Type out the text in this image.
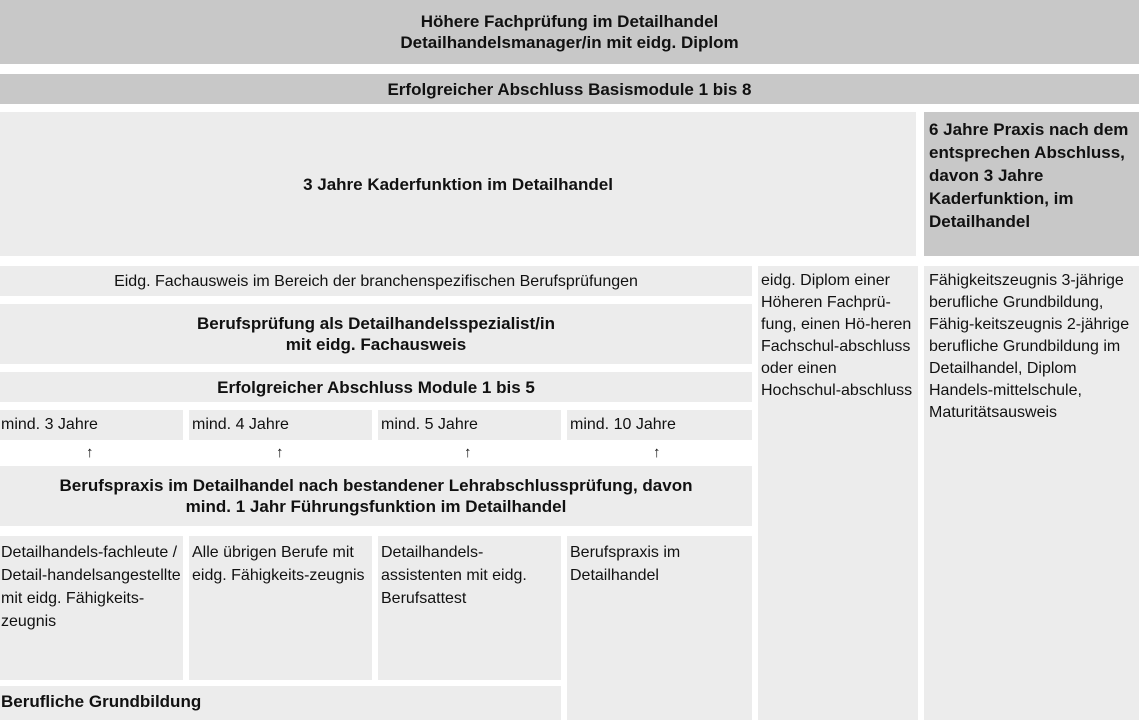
Höhere Fachprüfung im Detailhandel
Detailhandelsmanager/in mit eidg. Diplom
Erfolgreicher Abschluss Basismodule 1 bis 8
3 Jahre Kaderfunktion im Detailhandel
6 Jahre Praxis nach dem entsprechen Abschluss, davon 3 Jahre Kaderfunktion, im Detailhandel
Eidg. Fachausweis im Bereich der branchenspezifischen Berufsprüfungen	eidg. Diplom einer Höheren Fachprü-fung, einen Hö-heren Fachschul-abschluss oder einen Hochschul-abschluss
Fähigkeitszeugnis 3-jährige berufliche Grundbildung, Fähig-keitszeugnis 2-jährige berufliche Grundbildung im Detailhandel, Diplom Handels-mittelschule, Maturitätsausweis
Berufsprüfung als Detailhandelsspezialist/in
mit eidg. Fachausweis
Erfolgreicher Abschluss Module 1 bis 5
mind. 3 Jahre	mind. 4 Jahre	mind. 5 Jahre	mind. 10 Jahre
↑	↑	↑	↑
Berufspraxis im Detailhandel nach bestandener Lehrabschlussprüfung, davon
mind. 1 Jahr Führungsfunktion im Detailhandel
Detailhandels-fachleute / Detail-handelsangestellte mit eidg. Fähigkeits-zeugnis
Alle übrigen Berufe mit eidg. Fähigkeits-zeugnis
Detailhandels-assistenten mit eidg. Berufsattest
Berufspraxis im Detailhandel
Berufliche Grundbildung
